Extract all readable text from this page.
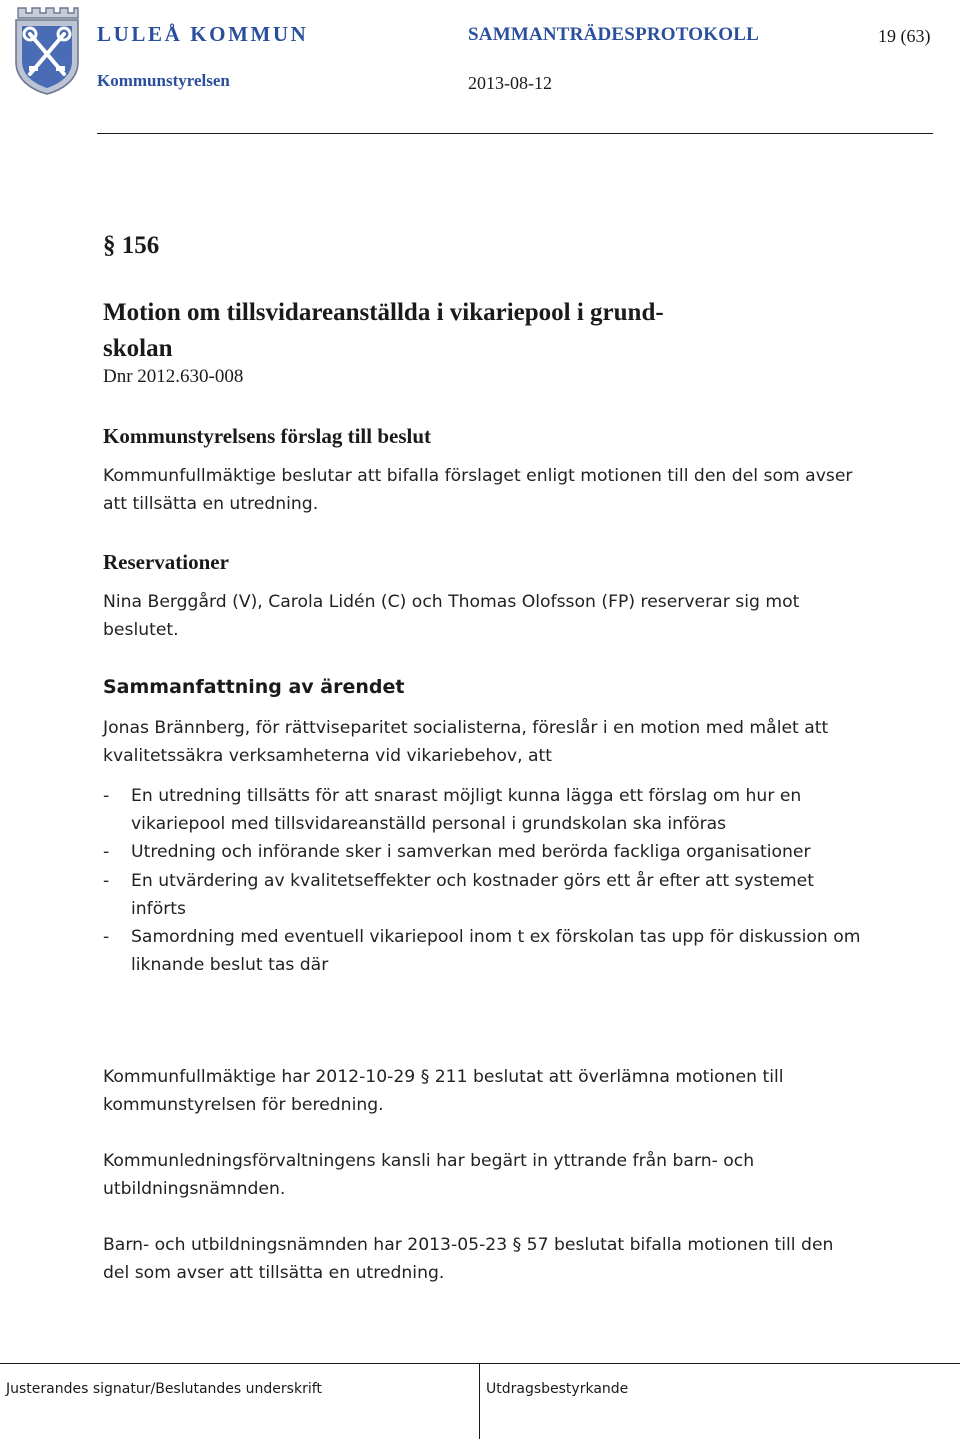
LULEÅ KOMMUN
Kommunstyrelsen
SAMMANTRÄDESPROTOKOLL	19 (63)
2013-08-12
§ 156
Motion om tillsvidareanställda i vikariepool i grund-
skolan
Dnr 2012.630-008
Kommunstyrelsens förslag till beslut
Kommunfullmäktige beslutar att bifalla förslaget enligt motionen till den del som avser att tillsätta en utredning.
Reservationer
Nina Berggård (V), Carola Lidén (C) och Thomas Olofsson (FP) reserverar sig mot beslutet.
Sammanfattning av ärendet
Jonas Brännberg, för rättviseparitet socialisterna, föreslår i en motion med målet att kvalitetssäkra verksamheterna vid vikariebehov, att
- En utredning tillsätts för att snarast möjligt kunna lägga ett förslag om hur en vikariepool med tillsvidareanställd personal i grundskolan ska införas
- Utredning och införande sker i samverkan med berörda fackliga organisationer
- En utvärdering av kvalitetseffekter och kostnader görs ett år efter att systemet införts
- Samordning med eventuell vikariepool inom t ex förskolan tas upp för diskussion om liknande beslut tas där
Kommunfullmäktige har 2012-10-29 § 211 beslutat att överlämna motionen till kommunstyrelsen för beredning.
Kommunledningsförvaltningens kansli har begärt in yttrande från barn- och utbildningsnämnden.
Barn- och utbildningsnämnden har 2013-05-23 § 57 beslutat bifalla motionen till den del som avser att tillsätta en utredning.
Justerandes signatur/Beslutandes underskrift	Utdragsbestyrkande
